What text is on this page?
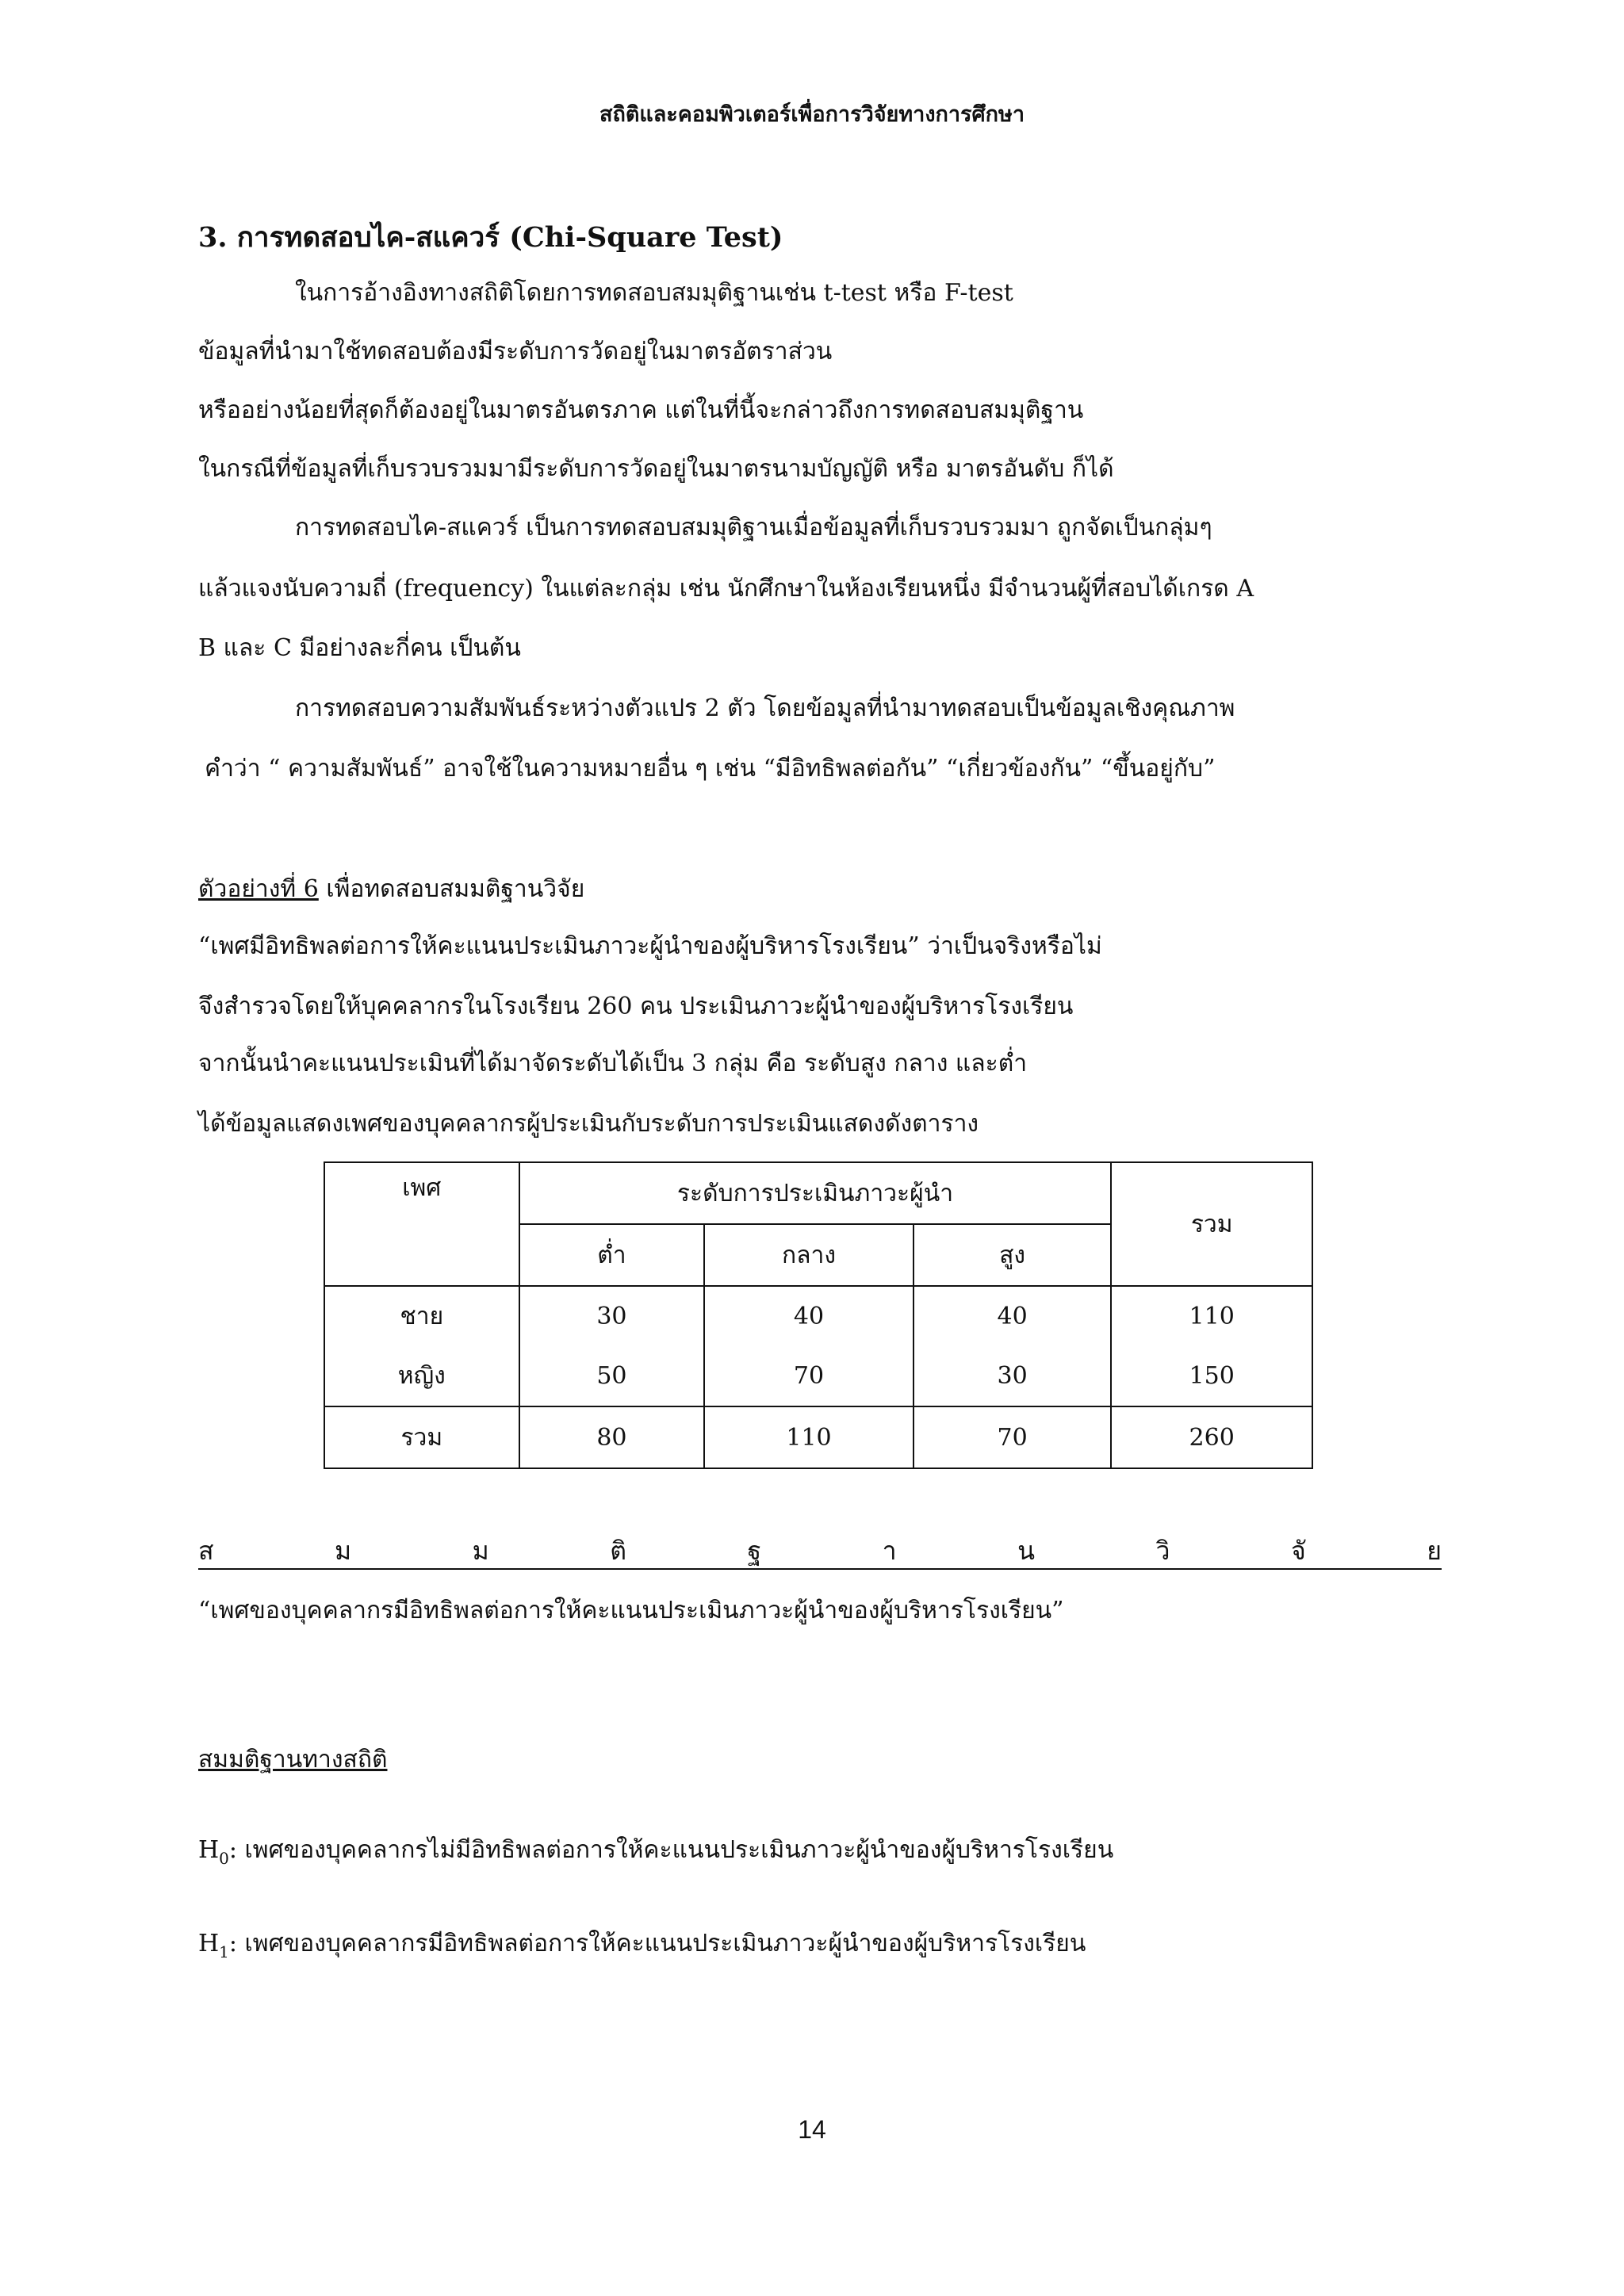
สถิติและคอมพิวเตอร์เพื่อการวิจัยทางการศึกษา
3. การทดสอบไค-สแควร์ (Chi-Square Test)
ในการอ้างอิงทางสถิติโดยการทดสอบสมมุติฐานเช่น t-test หรือ F-test
ข้อมูลที่นำมาใช้ทดสอบต้องมีระดับการวัดอยู่ในมาตรอัตราส่วน
หรืออย่างน้อยที่สุดก็ต้องอยู่ในมาตรอันตรภาค แต่ในที่นี้จะกล่าวถึงการทดสอบสมมุติฐาน
ในกรณีที่ข้อมูลที่เก็บรวบรวมมามีระดับการวัดอยู่ในมาตรนามบัญญัติ หรือ มาตรอันดับ ก็ได้
การทดสอบไค-สแควร์ เป็นการทดสอบสมมุติฐานเมื่อข้อมูลที่เก็บรวบรวมมา ถูกจัดเป็นกลุ่มๆ
แล้วแจงนับความถี่ (frequency) ในแต่ละกลุ่ม เช่น นักศึกษาในห้องเรียนหนึ่ง มีจำนวนผู้ที่สอบได้เกรด A
B และ C มีอย่างละกี่คน เป็นต้น
การทดสอบความสัมพันธ์ระหว่างตัวแปร 2 ตัว โดยข้อมูลที่นำมาทดสอบเป็นข้อมูลเชิงคุณภาพ
คำว่า “ ความสัมพันธ์” อาจใช้ในความหมายอื่น ๆ เช่น “มีอิทธิพลต่อกัน” “เกี่ยวข้องกัน” “ขึ้นอยู่กับ”
ตัวอย่างที่ 6 เพื่อทดสอบสมมติฐานวิจัย
“เพศมีอิทธิพลต่อการให้คะแนนประเมินภาวะผู้นำของผู้บริหารโรงเรียน” ว่าเป็นจริงหรือไม่
จึงสำรวจโดยให้บุคคลากรในโรงเรียน 260 คน ประเมินภาวะผู้นำของผู้บริหารโรงเรียน
จากนั้นนำคะแนนประเมินที่ได้มาจัดระดับได้เป็น 3 กลุ่ม คือ ระดับสูง กลาง และต่ำ
ได้ข้อมูลแสดงเพศของบุคคลากรผู้ประเมินกับระดับการประเมินแสดงดังตาราง
เพศ	ระดับการประเมินภาวะผู้นำ			รวม
	ต่ำ	กลาง	สูง	
ชาย	30	40	40	110
หญิง	50	70	30	150
รวม	80	110	70	260
ส	ม	ม	ติ	ฐ	า	น	วิ	จั	ย
“เพศของบุคคลากรมีอิทธิพลต่อการให้คะแนนประเมินภาวะผู้นำของผู้บริหารโรงเรียน”
สมมติฐานทางสถิติ
$H_0$: เพศของบุคคลากรไม่มีอิทธิพลต่อการให้คะแนนประเมินภาวะผู้นำของผู้บริหารโรงเรียน
$H_1$: เพศของบุคคลากรมีอิทธิพลต่อการให้คะแนนประเมินภาวะผู้นำของผู้บริหารโรงเรียน
14
